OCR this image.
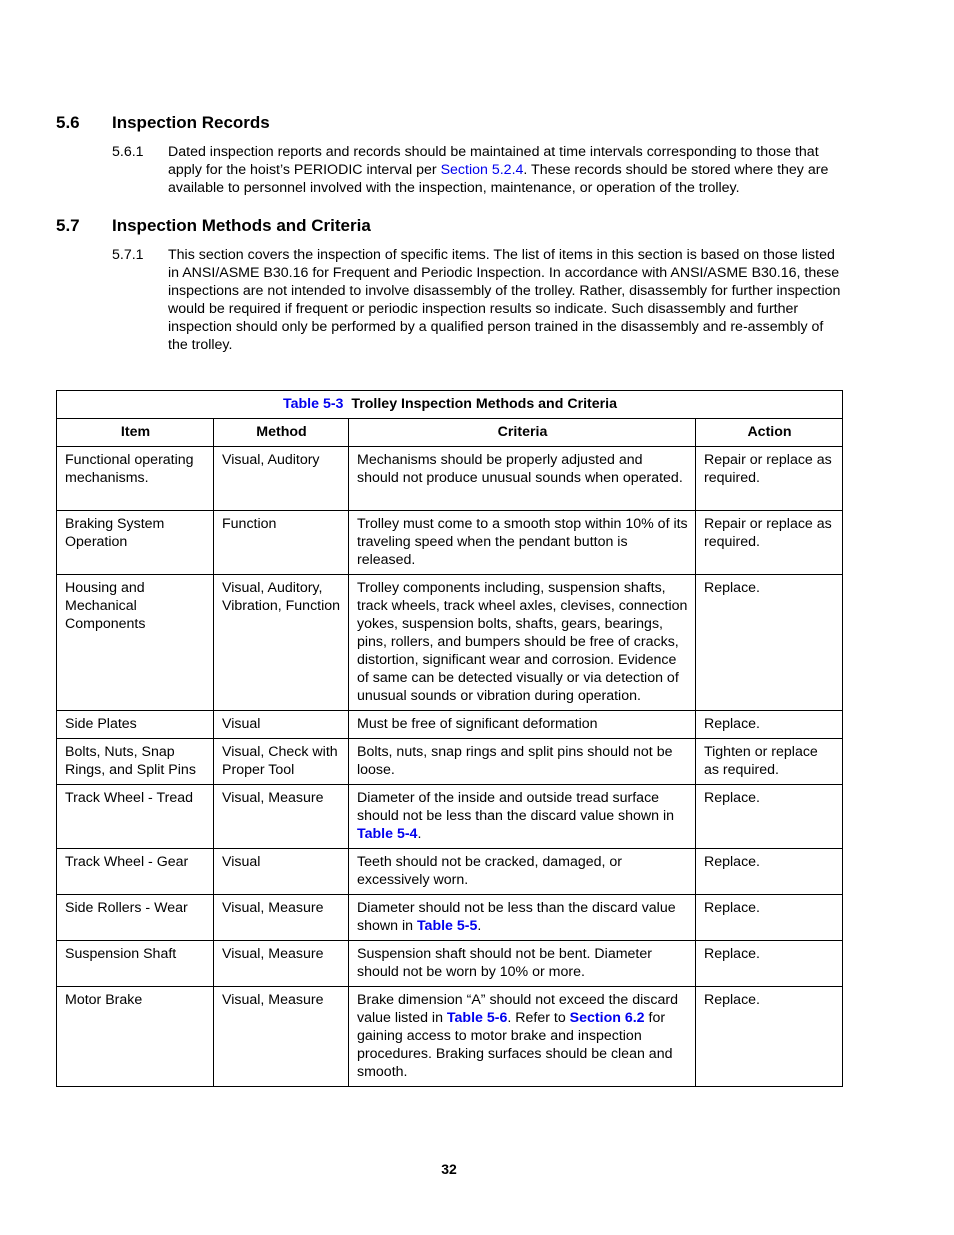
5.6 Inspection Records
5.6.1 Dated inspection reports and records should be maintained at time intervals corresponding to those that apply for the hoist’s PERIODIC interval per Section 5.2.4. These records should be stored where they are available to personnel involved with the inspection, maintenance, or operation of the trolley.
5.7 Inspection Methods and Criteria
5.7.1 This section covers the inspection of specific items. The list of items in this section is based on those listed in ANSI/ASME B30.16 for Frequent and Periodic Inspection. In accordance with ANSI/ASME B30.16, these inspections are not intended to involve disassembly of the trolley. Rather, disassembly for further inspection would be required if frequent or periodic inspection results so indicate. Such disassembly and further inspection should only be performed by a qualified person trained in the disassembly and re-assembly of the trolley.
Table 5-3 Trolley Inspection Methods and Criteria			
Item	Method	Criteria	Action
Functional operating mechanisms.	Visual, Auditory	Mechanisms should be properly adjusted and should not produce unusual sounds when operated.	Repair or replace as required.
Braking System Operation	Function	Trolley must come to a smooth stop within 10% of its traveling speed when the pendant button is released.	Repair or replace as required.
Housing and Mechanical Components	Visual, Auditory, Vibration, Function	Trolley components including, suspension shafts, track wheels, track wheel axles, clevises, connection yokes, suspension bolts, shafts, gears, bearings, pins, rollers, and bumpers should be free of cracks, distortion, significant wear and corrosion. Evidence of same can be detected visually or via detection of unusual sounds or vibration during operation.	Replace.
Side Plates	Visual	Must be free of significant deformation	Replace.
Bolts, Nuts, Snap Rings, and Split Pins	Visual, Check with Proper Tool	Bolts, nuts, snap rings and split pins should not be loose.	Tighten or replace as required.
Track Wheel - Tread	Visual, Measure	Diameter of the inside and outside tread surface should not be less than the discard value shown in Table 5-4.	Replace.
Track Wheel - Gear	Visual	Teeth should not be cracked, damaged, or excessively worn.	Replace.
Side Rollers - Wear	Visual, Measure	Diameter should not be less than the discard value shown in Table 5-5.	Replace.
Suspension Shaft	Visual, Measure	Suspension shaft should not be bent. Diameter should not be worn by 10% or more.	Replace.
Motor Brake	Visual, Measure	Brake dimension “A” should not exceed the discard value listed in Table 5-6. Refer to Section 6.2 for gaining access to motor brake and inspection procedures. Braking surfaces should be clean and smooth.	Replace.
32
